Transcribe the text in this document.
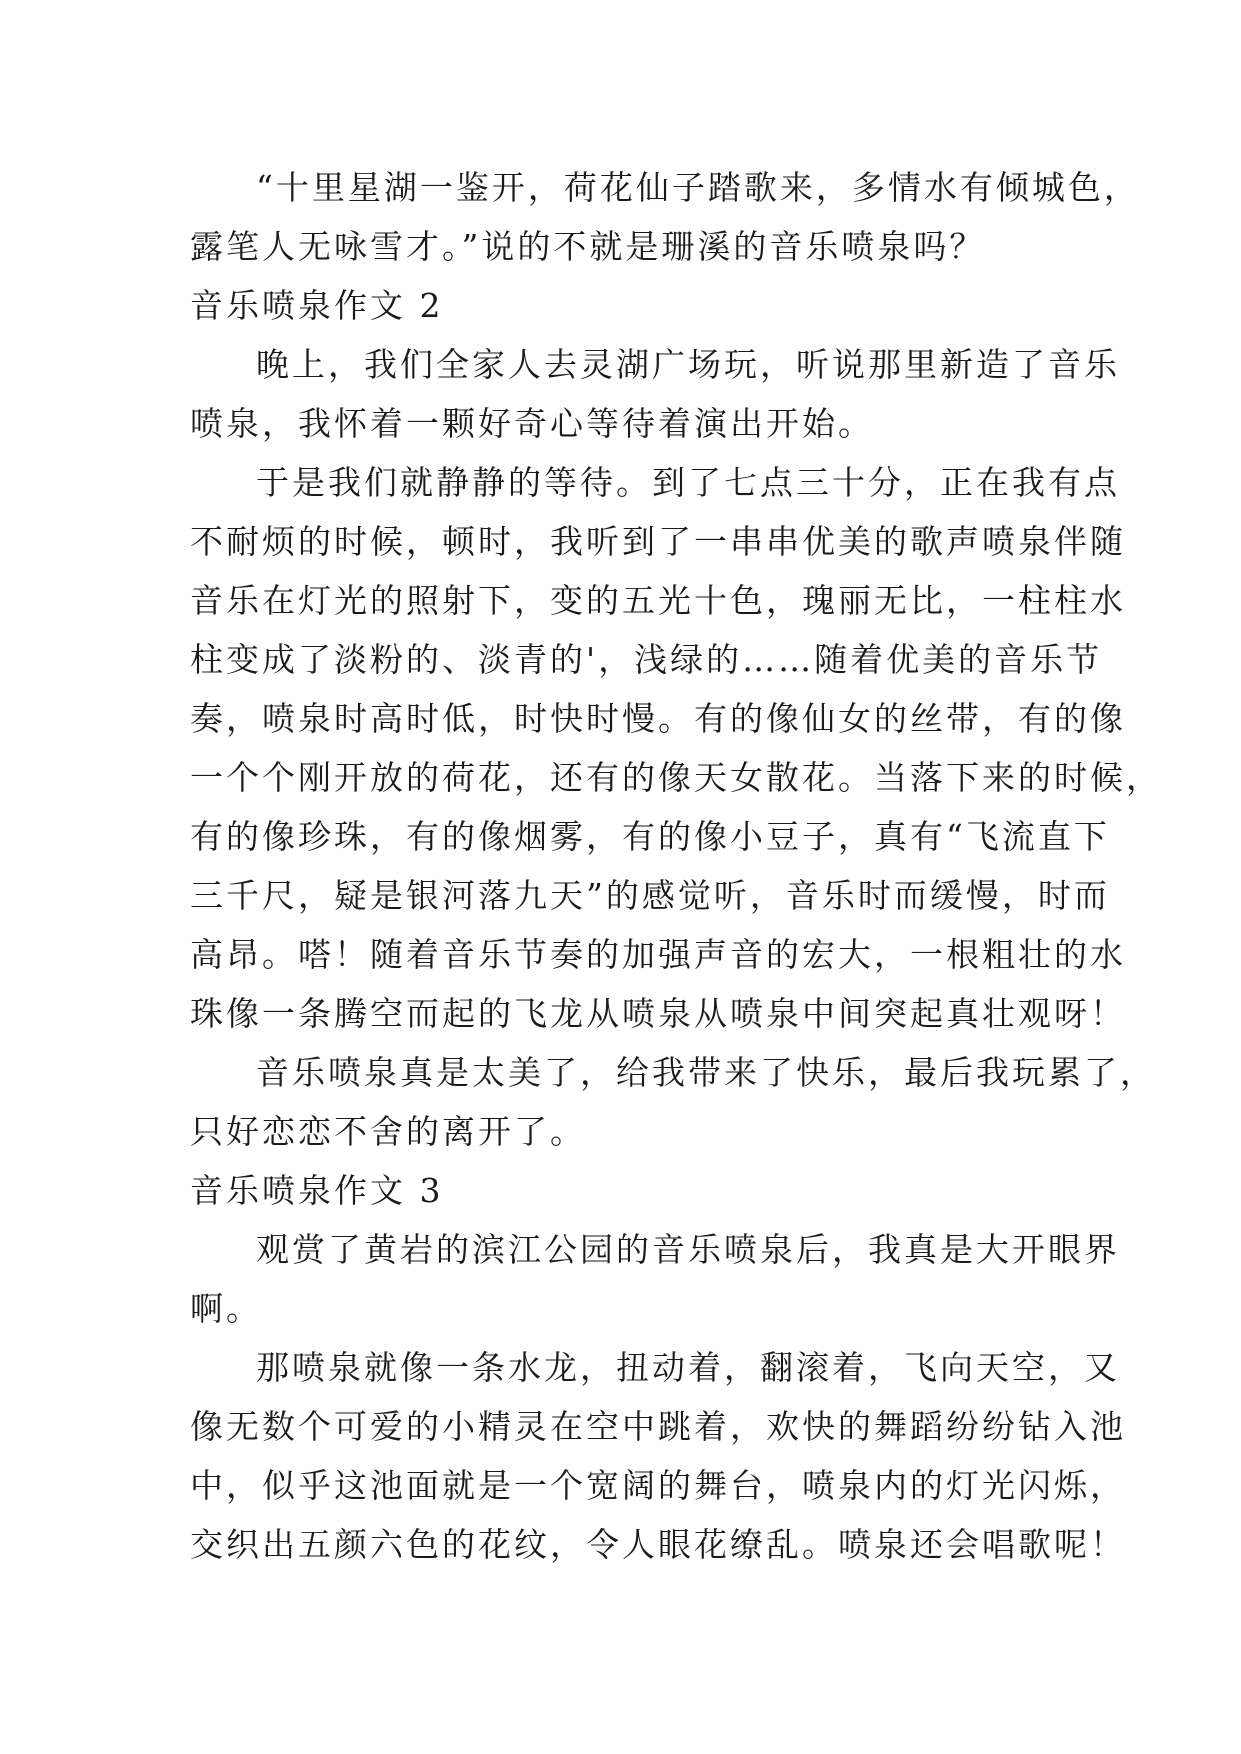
“十里星湖一鉴开，荷花仙子踏歌来，多情水有倾城色，
露笔人无咏雪才。”说的不就是珊溪的音乐喷泉吗？
音乐喷泉作文 2
晚上，我们全家人去灵湖广场玩，听说那里新造了音乐
喷泉，我怀着一颗好奇心等待着演出开始。
于是我们就静静的等待。到了七点三十分，正在我有点
不耐烦的时候，顿时，我听到了一串串优美的歌声喷泉伴随
音乐在灯光的照射下，变的五光十色，瑰丽无比，一柱柱水
柱变成了淡粉的、淡青的'，浅绿的……随着优美的音乐节
奏，喷泉时高时低，时快时慢。有的像仙女的丝带，有的像
一个个刚开放的荷花，还有的像天女散花。当落下来的时候，
有的像珍珠，有的像烟雾，有的像小豆子，真有“飞流直下
三千尺，疑是银河落九天”的感觉听，音乐时而缓慢，时而
高昂。嗒！随着音乐节奏的加强声音的宏大，一根粗壮的水
珠像一条腾空而起的飞龙从喷泉从喷泉中间突起真壮观呀！
音乐喷泉真是太美了，给我带来了快乐，最后我玩累了，
只好恋恋不舍的离开了。
音乐喷泉作文 3
观赏了黄岩的滨江公园的音乐喷泉后，我真是大开眼界
啊。
那喷泉就像一条水龙，扭动着，翻滚着，飞向天空，又
像无数个可爱的小精灵在空中跳着，欢快的舞蹈纷纷钻入池
中，似乎这池面就是一个宽阔的舞台，喷泉内的灯光闪烁，
交织出五颜六色的花纹，令人眼花缭乱。喷泉还会唱歌呢！
